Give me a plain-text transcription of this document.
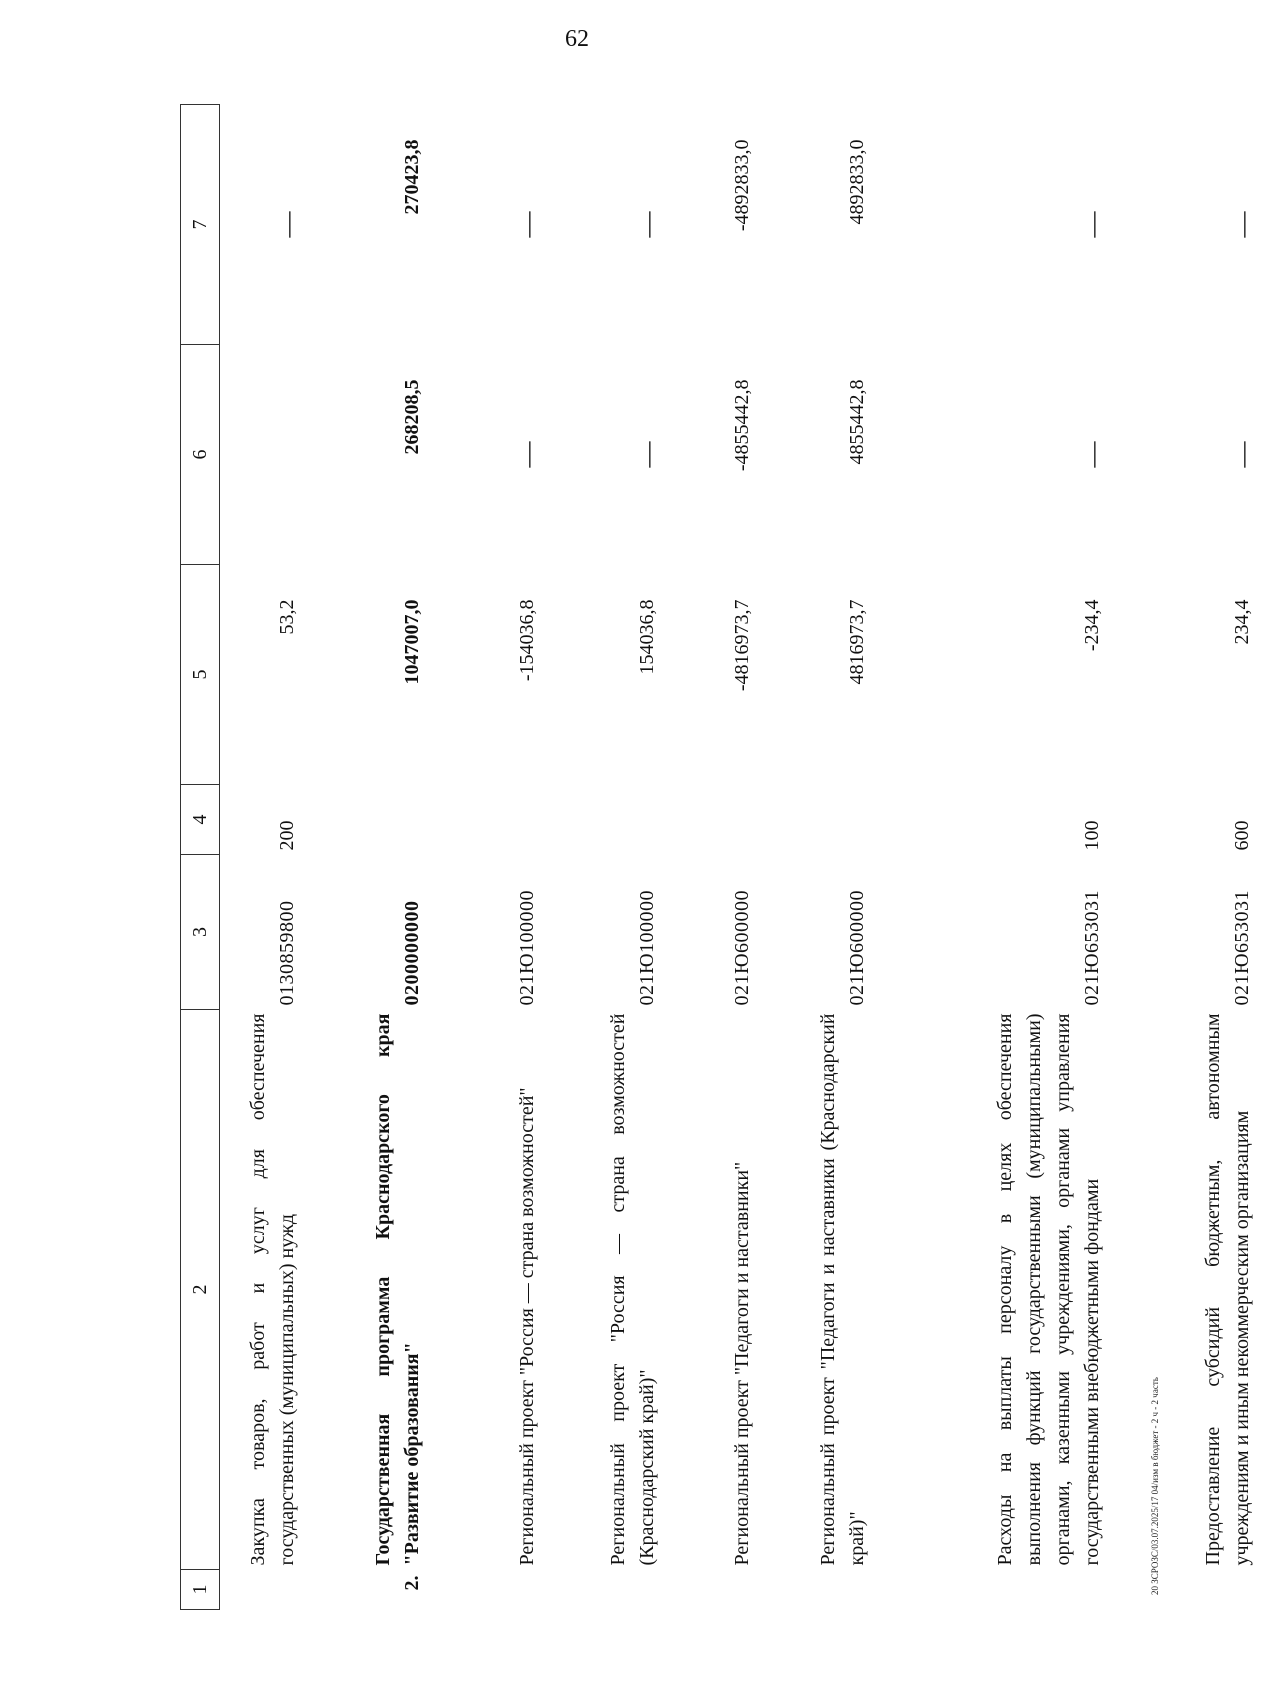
62
1	2	3	4	5	6	7
	Закупка товаров, работ и услуг для обеспечения государственных (муниципальных) нужд	0130859800	200	53,2		—
2.	Государственная программа Краснодарского края "Развитие образования"	0200000000		1047007,0	268208,5	270423,8
	Региональный проект "Россия — страна возможностей"	021Ю100000		-154036,8	—	—
	Региональный проект "Россия — страна возможностей (Краснодарский край)"	021Ю100000		154036,8	—	—
	Региональный проект "Педагоги и наставники"	021Ю600000		-4816973,7	-4855442,8	-4892833,0
	Региональный проект "Педагоги и наставники (Краснодарский край)"	021Ю600000		4816973,7	4855442,8	4892833,0
	Расходы на выплаты персоналу в целях обеспечения выполнения функций государственными (муниципальными) органами, казенными учреждениями, органами управления государственными внебюджетными фондами	021Ю653031	100	-234,4	—	—
	Предоставление субсидий бюджетным, автономным учреждениям и иным некоммерческим организациям	021Ю653031	600	234,4	—	—
20 ЗСРОЗС/03.07.2025/17 04/изм в бюджет - 2 ч - 2 часть
